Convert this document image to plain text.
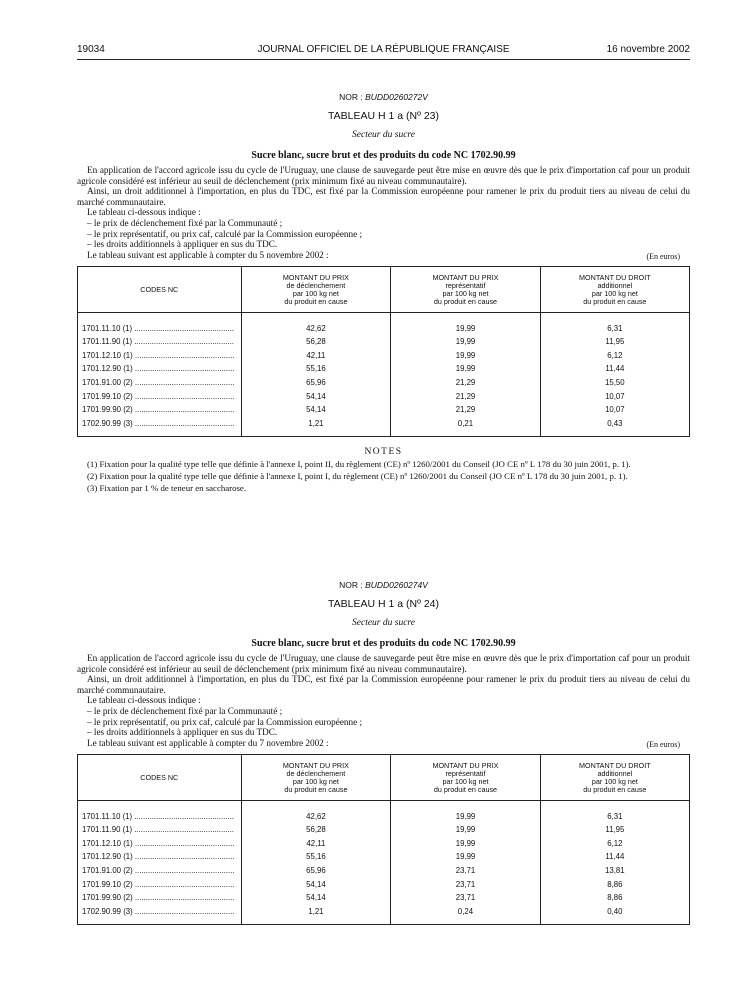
19034	JOURNAL OFFICIEL DE LA RÉPUBLIQUE FRANÇAISE	16 novembre 2002
NOR : BUDD0260272V
TABLEAU H 1 a (Nº 23)
Secteur du sucre
Sucre blanc, sucre brut et des produits du code NC 1702.90.99
En application de l'accord agricole issu du cycle de l'Uruguay, une clause de sauvegarde peut être mise en œuvre dès que le prix d'importation caf pour un produit agricole considéré est inférieur au seuil de déclenchement (prix minimum fixé au niveau communautaire).
Ainsi, un droit additionnel à l'importation, en plus du TDC, est fixé par la Commission européenne pour ramener le prix du produit tiers au niveau de celui du marché communautaire.
Le tableau ci-dessous indique :
– le prix de déclenchement fixé par la Communauté ;
– le prix représentatif, ou prix caf, calculé par la Commission européenne ;
– les droits additionnels à appliquer en sus du TDC.
Le tableau suivant est applicable à compter du 5 novembre 2002 :	(En euros)
CODES NC	MONTANT DU PRIX
de déclenchement
par 100 kg net
du produit en cause	MONTANT DU PRIX
représentatif
par 100 kg net
du produit en cause	MONTANT DU DROIT
additionnel
par 100 kg net
du produit en cause

1701.11.10 (1) ..............................................	42,62	19,99	6,31
1701.11.90 (1) ..............................................	56,28	19,99	11,95
1701.12.10 (1) ..............................................	42,11	19,99	6,12
1701.12.90 (1) ..............................................	55,16	19,99	11,44
1701.91.00 (2) ..............................................	65,96	21,29	15,50
1701.99.10 (2) ..............................................	54,14	21,29	10,07
1701.99.90 (2) ..............................................	54,14	21,29	10,07
1702.90.99 (3) ..............................................	1,21	0,21	0,43

NOTES
(1) Fixation pour la qualité type telle que définie à l'annexe I, point II, du règlement (CE) nº 1260/2001 du Conseil (JO CE nº L 178 du 30 juin 2001, p. 1).
(2) Fixation pour la qualité type telle que définie à l'annexe I, point I, du règlement (CE) nº 1260/2001 du Conseil (JO CE nº L 178 du 30 juin 2001, p. 1).
(3) Fixation par 1 % de teneur en saccharose.
NOR : BUDD0260274V
TABLEAU H 1 a (Nº 24)
Secteur du sucre
Sucre blanc, sucre brut et des produits du code NC 1702.90.99
En application de l'accord agricole issu du cycle de l'Uruguay, une clause de sauvegarde peut être mise en œuvre dès que le prix d'importation caf pour un produit agricole considéré est inférieur au seuil de déclenchement (prix minimum fixé au niveau communautaire).
Ainsi, un droit additionnel à l'importation, en plus du TDC, est fixé par la Commission européenne pour ramener le prix du produit tiers au niveau de celui du marché communautaire.
Le tableau ci-dessous indique :
– le prix de déclenchement fixé par la Communauté ;
– le prix représentatif, ou prix caf, calculé par la Commission européenne ;
– les droits additionnels à appliquer en sus du TDC.
Le tableau suivant est applicable à compter du 7 novembre 2002 :	(En euros)
CODES NC	MONTANT DU PRIX
de déclenchement
par 100 kg net
du produit en cause	MONTANT DU PRIX
représentatif
par 100 kg net
du produit en cause	MONTANT DU DROIT
additionnel
par 100 kg net
du produit en cause

1701.11.10 (1) ..............................................	42,62	19,99	6,31
1701.11.90 (1) ..............................................	56,28	19,99	11,95
1701.12.10 (1) ..............................................	42,11	19,99	6,12
1701.12.90 (1) ..............................................	55,16	19,99	11,44
1701.91.00 (2) ..............................................	65,96	23,71	13,81
1701.99.10 (2) ..............................................	54,14	23,71	8,86
1701.99.90 (2) ..............................................	54,14	23,71	8,86
1702.90.99 (3) ..............................................	1,21	0,24	0,40
